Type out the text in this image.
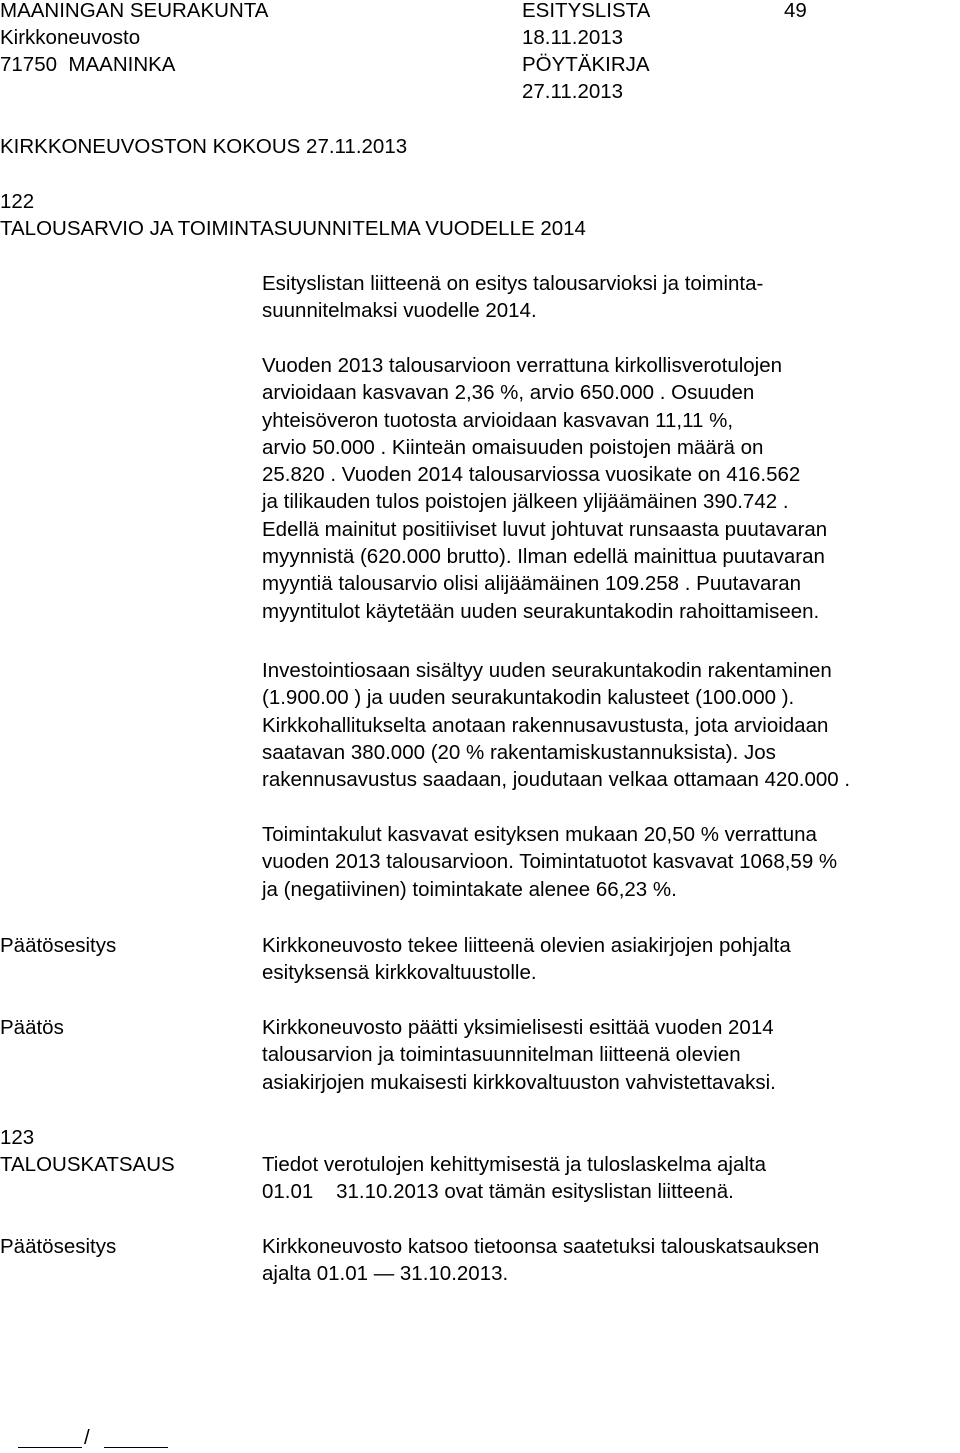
MAANINGAN SEURAKUNTA	ESITYSLISTA	49
Kirkkoneuvosto	18.11.2013
71750  MAANINKA	PÖYTÄKIRJA
27.11.2013
KIRKKONEUVOSTON KOKOUS 27.11.2013
122
TALOUSARVIO JA TOIMINTASUUNNITELMA VUODELLE 2014

Esityslistan liitteenä on esitys talousarvioksi ja toiminta-

suunnitelmaksi vuodelle 2014.

Vuoden 2013 talousarvioon verrattuna kirkollisverotulojen

arvioidaan kasvavan 2,36 %, arvio 650.000 . Osuuden

yhteisöveron tuotosta arvioidaan kasvavan 11,11 %,

arvio 50.000 . Kiinteän omaisuuden poistojen määrä on

25.820 . Vuoden 2014 talousarviossa vuosikate on 416.562

ja tilikauden tulos poistojen jälkeen ylijäämäinen 390.742 .

Edellä mainitut positiiviset luvut johtuvat runsaasta puutavaran

myynnistä (620.000 brutto). Ilman edellä mainittua puutavaran

myyntiä talousarvio olisi alijäämäinen 109.258 . Puutavaran

myyntitulot käytetään uuden seurakuntakodin rahoittamiseen.

Investointiosaan sisältyy uuden seurakuntakodin rakentaminen

(1.900.00 ) ja uuden seurakuntakodin kalusteet (100.000 ).

Kirkkohallitukselta anotaan rakennusavustusta, jota arvioidaan

saatavan 380.000 (20 % rakentamiskustannuksista). Jos

rakennusavustus saadaan, joudutaan velkaa ottamaan 420.000 .

Toimintakulut kasvavat esityksen mukaan 20,50 % verrattuna

vuoden 2013 talousarvioon. Toimintatuotot kasvavat 1068,59 %

ja (negatiivinen) toimintakate alenee 66,23 %.

Päätösesitys	Kirkkoneuvosto tekee liitteenä olevien asiakirjojen pohjalta

esityksensä kirkkovaltuustolle.

Päätös	Kirkkoneuvosto päätti yksimielisesti esittää vuoden 2014

talousarvion ja toimintasuunnitelman liitteenä olevien

asiakirjojen mukaisesti kirkkovaltuuston vahvistettavaksi.

123
TALOUSKATSAUS	Tiedot verotulojen kehittymisestä ja tuloslaskelma ajalta

01.01    31.10.2013 ovat tämän esityslistan liitteenä.

Päätösesitys	Kirkkoneuvosto katsoo tietoonsa saatetuksi talouskatsauksen

ajalta 01.01 — 31.10.2013.

/
